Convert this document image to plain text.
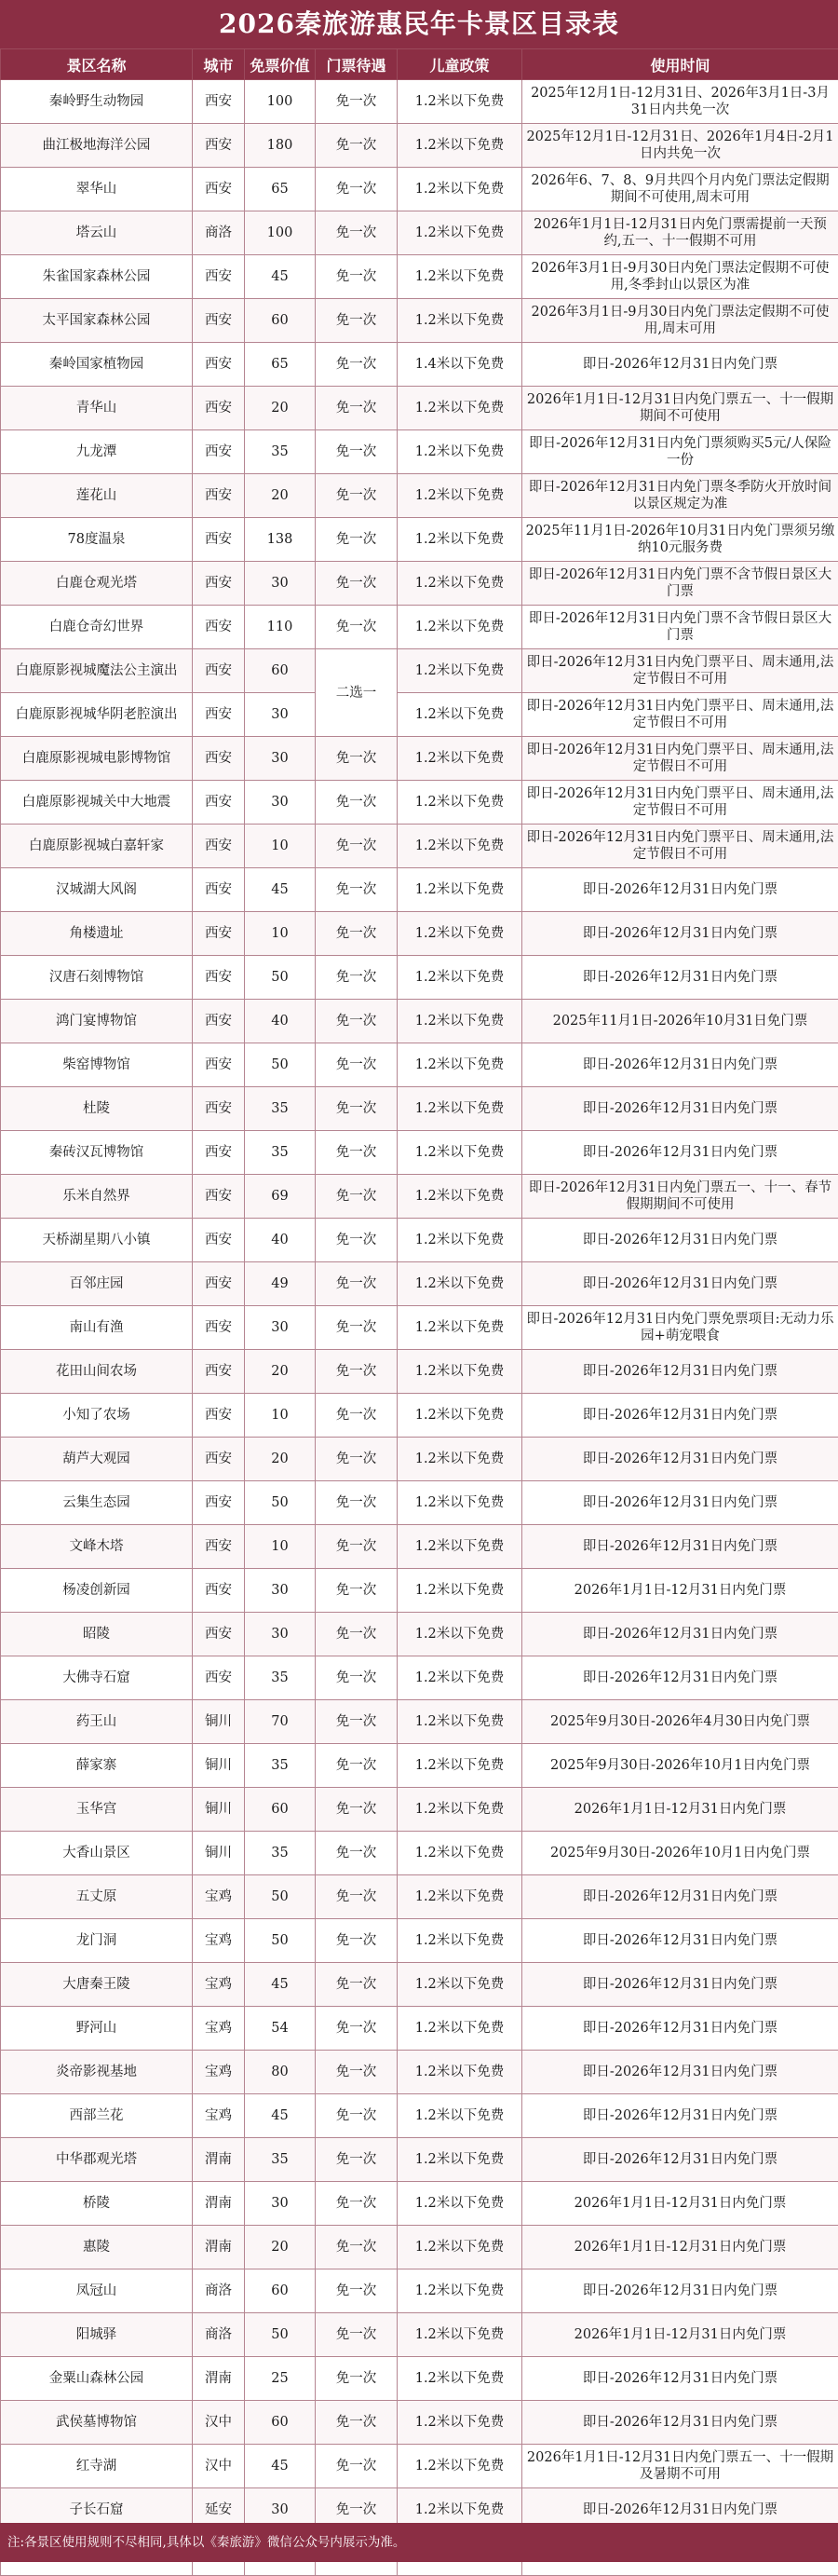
2026秦旅游惠民年卡景区目录表
景区名称	城市	免票价值	门票待遇	儿童政策	使用时间
秦岭野生动物园	西安	100	免一次	1.2米以下免费	2025年12月1日-12月31日、2026年3月1日-3月31日内共免一次
曲江极地海洋公园	西安	180	免一次	1.2米以下免费	2025年12月1日-12月31日、2026年1月4日-2月1日内共免一次
翠华山	西安	65	免一次	1.2米以下免费	2026年6、7、8、9月共四个月内免门票法定假期期间不可使用,周末可用
塔云山	商洛	100	免一次	1.2米以下免费	2026年1月1日-12月31日内免门票需提前一天预约,五一、十一假期不可用
朱雀国家森林公园	西安	45	免一次	1.2米以下免费	2026年3月1日-9月30日内免门票法定假期不可使用,冬季封山以景区为准
太平国家森林公园	西安	60	免一次	1.2米以下免费	2026年3月1日-9月30日内免门票法定假期不可使用,周末可用
秦岭国家植物园	西安	65	免一次	1.4米以下免费	即日-2026年12月31日内免门票
青华山	西安	20	免一次	1.2米以下免费	2026年1月1日-12月31日内免门票五一、十一假期期间不可使用
九龙潭	西安	35	免一次	1.2米以下免费	即日-2026年12月31日内免门票须购买5元/人保险一份
莲花山	西安	20	免一次	1.2米以下免费	即日-2026年12月31日内免门票冬季防火开放时间以景区规定为准
78度温泉	西安	138	免一次	1.2米以下免费	2025年11月1日-2026年10月31日内免门票须另缴纳10元服务费
白鹿仓观光塔	西安	30	免一次	1.2米以下免费	即日-2026年12月31日内免门票不含节假日景区大门票
白鹿仓奇幻世界	西安	110	免一次	1.2米以下免费	即日-2026年12月31日内免门票不含节假日景区大门票
白鹿原影视城魔法公主演出	西安	60	二选一	1.2米以下免费	即日-2026年12月31日内免门票平日、周末通用,法定节假日不可用
白鹿原影视城华阴老腔演出	西安	30		1.2米以下免费	即日-2026年12月31日内免门票平日、周末通用,法定节假日不可用
白鹿原影视城电影博物馆	西安	30	免一次	1.2米以下免费	即日-2026年12月31日内免门票平日、周末通用,法定节假日不可用
白鹿原影视城关中大地震	西安	30	免一次	1.2米以下免费	即日-2026年12月31日内免门票平日、周末通用,法定节假日不可用
白鹿原影视城白嘉轩家	西安	10	免一次	1.2米以下免费	即日-2026年12月31日内免门票平日、周末通用,法定节假日不可用
汉城湖大风阁	西安	45	免一次	1.2米以下免费	即日-2026年12月31日内免门票
角楼遗址	西安	10	免一次	1.2米以下免费	即日-2026年12月31日内免门票
汉唐石刻博物馆	西安	50	免一次	1.2米以下免费	即日-2026年12月31日内免门票
鸿门宴博物馆	西安	40	免一次	1.2米以下免费	2025年11月1日-2026年10月31日免门票
柴窑博物馆	西安	50	免一次	1.2米以下免费	即日-2026年12月31日内免门票
杜陵	西安	35	免一次	1.2米以下免费	即日-2026年12月31日内免门票
秦砖汉瓦博物馆	西安	35	免一次	1.2米以下免费	即日-2026年12月31日内免门票
乐米自然界	西安	69	免一次	1.2米以下免费	即日-2026年12月31日内免门票五一、十一、春节假期期间不可使用
天桥湖星期八小镇	西安	40	免一次	1.2米以下免费	即日-2026年12月31日内免门票
百邻庄园	西安	49	免一次	1.2米以下免费	即日-2026年12月31日内免门票
南山有渔	西安	30	免一次	1.2米以下免费	即日-2026年12月31日内免门票免票项目:无动力乐园+萌宠喂食
花田山间农场	西安	20	免一次	1.2米以下免费	即日-2026年12月31日内免门票
小知了农场	西安	10	免一次	1.2米以下免费	即日-2026年12月31日内免门票
葫芦大观园	西安	20	免一次	1.2米以下免费	即日-2026年12月31日内免门票
云集生态园	西安	50	免一次	1.2米以下免费	即日-2026年12月31日内免门票
文峰木塔	西安	10	免一次	1.2米以下免费	即日-2026年12月31日内免门票
杨凌创新园	西安	30	免一次	1.2米以下免费	2026年1月1日-12月31日内免门票
昭陵	西安	30	免一次	1.2米以下免费	即日-2026年12月31日内免门票
大佛寺石窟	西安	35	免一次	1.2米以下免费	即日-2026年12月31日内免门票
药王山	铜川	70	免一次	1.2米以下免费	2025年9月30日-2026年4月30日内免门票
薛家寨	铜川	35	免一次	1.2米以下免费	2025年9月30日-2026年10月1日内免门票
玉华宫	铜川	60	免一次	1.2米以下免费	2026年1月1日-12月31日内免门票
大香山景区	铜川	35	免一次	1.2米以下免费	2025年9月30日-2026年10月1日内免门票
五丈原	宝鸡	50	免一次	1.2米以下免费	即日-2026年12月31日内免门票
龙门洞	宝鸡	50	免一次	1.2米以下免费	即日-2026年12月31日内免门票
大唐秦王陵	宝鸡	45	免一次	1.2米以下免费	即日-2026年12月31日内免门票
野河山	宝鸡	54	免一次	1.2米以下免费	即日-2026年12月31日内免门票
炎帝影视基地	宝鸡	80	免一次	1.2米以下免费	即日-2026年12月31日内免门票
西部兰花	宝鸡	45	免一次	1.2米以下免费	即日-2026年12月31日内免门票
中华郡观光塔	渭南	35	免一次	1.2米以下免费	即日-2026年12月31日内免门票
桥陵	渭南	30	免一次	1.2米以下免费	2026年1月1日-12月31日内免门票
惠陵	渭南	20	免一次	1.2米以下免费	2026年1月1日-12月31日内免门票
凤冠山	商洛	60	免一次	1.2米以下免费	即日-2026年12月31日内免门票
阳城驿	商洛	50	免一次	1.2米以下免费	2026年1月1日-12月31日内免门票
金粟山森林公园	渭南	25	免一次	1.2米以下免费	即日-2026年12月31日内免门票
武侯墓博物馆	汉中	60	免一次	1.2米以下免费	即日-2026年12月31日内免门票
红寺湖	汉中	45	免一次	1.2米以下免费	2026年1月1日-12月31日内免门票五一、十一假期及暑期不可用
子长石窟	延安	30	免一次	1.2米以下免费	即日-2026年12月31日内免门票

注:各景区使用规则不尽相同,具体以《秦旅游》微信公众号内展示为准。
